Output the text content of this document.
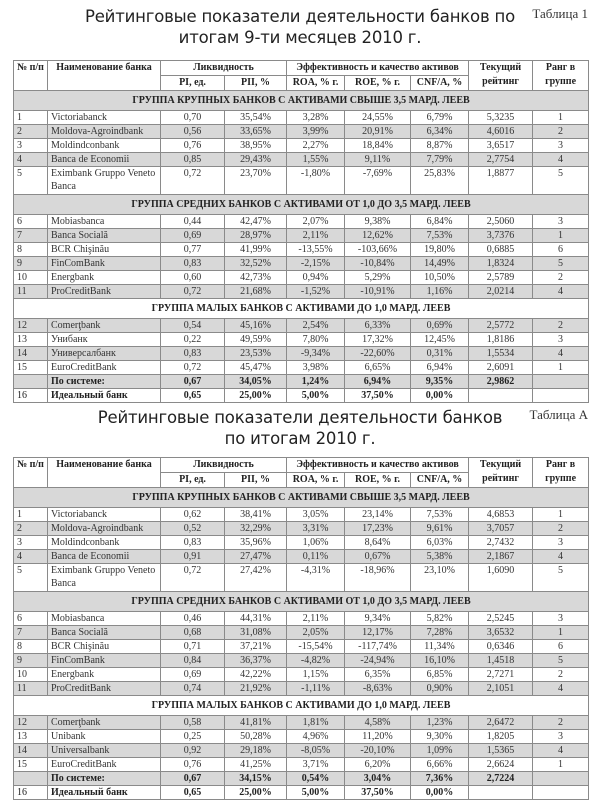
Рейтинговые показатели деятельности банков по
итогам 9-ти месяцев 2010 г.
Таблица 1
№ п/п	Наименование банка	Ликвидность		Эффективность и качество активов			Текущий рейтинг	Ранг в группе
		PI, ед.	PII, %	ROA, % г.	ROE, % г.	CNF/A, %		
ГРУППА КРУПНЫХ БАНКОВ С АКТИВАМИ СВЫШЕ 3,5 МАРД. ЛЕЕВ								
1	Victoriabanck	0,70	35,54%	3,28%	24,55%	6,79%	5,3235	1
2	Moldova-Agroindbank	0,56	33,65%	3,99%	20,91%	6,34%	4,6016	2
3	Moldindconbank	0,76	38,95%	2,27%	18,84%	8,87%	3,6517	3
4	Banca de Economii	0,85	29,43%	1,55%	9,11%	7,79%	2,7754	4
5	Eximbank Gruppo Veneto Banca	0,72	23,70%	-1,80%	-7,69%	25,83%	1,8877	5
ГРУППА СРЕДНИХ БАНКОВ С АКТИВАМИ ОТ 1,0 ДО 3,5 МАРД. ЛЕЕВ								
6	Mobiasbanca	0,44	42,47%	2,07%	9,38%	6,84%	2,5060	3
7	Banca Socială	0,69	28,97%	2,11%	12,62%	7,53%	3,7376	1
8	BCR Chişinău	0,77	41,99%	-13,55%	-103,66%	19,80%	0,6885	6
9	FinComBank	0,83	32,52%	-2,15%	-10,84%	14,49%	1,8324	5
10	Energbank	0,60	42,73%	0,94%	5,29%	10,50%	2,5789	2
11	ProCreditBank	0,72	21,68%	-1,52%	-10,91%	1,16%	2,0214	4
ГРУППА МАЛЫХ БАНКОВ С АКТИВАМИ ДО 1,0 МАРД. ЛЕЕВ								
12	Comerţbank	0,54	45,16%	2,54%	6,33%	0,69%	2,5772	2
13	Унибанк	0,22	49,59%	7,80%	17,32%	12,45%	1,8186	3
14	Универсалбанк	0,83	23,53%	-9,34%	-22,60%	0,31%	1,5534	4
15	EuroCreditBank	0,72	45,47%	3,98%	6,65%	6,94%	2,6091	1
	По системе:	0,67	34,05%	1,24%	6,94%	9,35%	2,9862	
16	Идеальный банк	0,65	25,00%	5,00%	37,50%	0,00%		
Рейтинговые показатели деятельности банков
по итогам 2010 г.
Таблица А
№ п/п	Наименование банка	Ликвидность		Эффективность и качество активов			Текущий рейтинг	Ранг в группе
		PI, ед.	PII, %	ROA, % г.	ROE, % г.	CNF/A, %		
ГРУППА КРУПНЫХ БАНКОВ С АКТИВАМИ СВЫШЕ 3,5 МАРД. ЛЕЕВ								
1	Victoriabanck	0,62	38,41%	3,05%	23,14%	7,53%	4,6853	1
2	Moldova-Agroindbank	0,52	32,29%	3,31%	17,23%	9,61%	3,7057	2
3	Moldindconbank	0,83	35,96%	1,06%	8,64%	6,03%	2,7432	3
4	Banca de Economii	0,91	27,47%	0,11%	0,67%	5,38%	2,1867	4
5	Eximbank Gruppo Veneto Banca	0,72	27,42%	-4,31%	-18,96%	23,10%	1,6090	5
ГРУППА СРЕДНИХ БАНКОВ С АКТИВАМИ ОТ 1,0 ДО 3,5 МАРД. ЛЕЕВ								
6	Mobiasbanca	0,46	44,31%	2,11%	9,34%	5,82%	2,5245	3
7	Banca Socială	0,68	31,08%	2,05%	12,17%	7,28%	3,6532	1
8	BCR Chişinău	0,71	37,21%	-15,54%	-117,74%	11,34%	0,6346	6
9	FinComBank	0,84	36,37%	-4,82%	-24,94%	16,10%	1,4518	5
10	Energbank	0,69	42,22%	1,15%	6,35%	6,85%	2,7271	2
11	ProCreditBank	0,74	21,92%	-1,11%	-8,63%	0,90%	2,1051	4
ГРУППА МАЛЫХ БАНКОВ С АКТИВАМИ ДО 1,0 МАРД. ЛЕЕВ								
12	Comerţbank	0,58	41,81%	1,81%	4,58%	1,23%	2,6472	2
13	Unibank	0,25	50,28%	4,96%	11,20%	9,30%	1,8205	3
14	Universalbank	0,92	29,18%	-8,05%	-20,10%	1,09%	1,5365	4
15	EuroCreditBank	0,76	41,25%	3,71%	6,20%	6,66%	2,6624	1
	По системе:	0,67	34,15%	0,54%	3,04%	7,36%	2,7224	
16	Идеальный банк	0,65	25,00%	5,00%	37,50%	0,00%		
